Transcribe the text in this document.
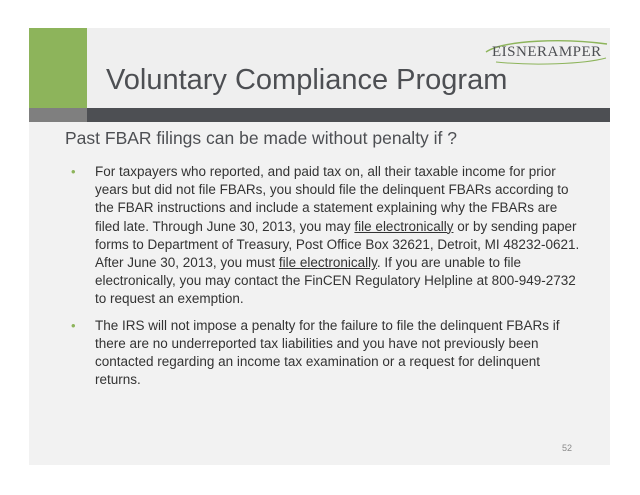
EISNERAMPER

Voluntary Compliance Program
Past FBAR filings can be made without penalty if ?
• For taxpayers who reported, and paid tax on, all their taxable income for prior years but did not file FBARs, you should file the delinquent FBARs according to the FBAR instructions and include a statement explaining why the FBARs are filed late. Through June 30, 2013, you may file electronically or by sending paper forms to Department of Treasury, Post Office Box 32621, Detroit, MI 48232-0621. After June 30, 2013, you must file electronically. If you are unable to file electronically, you may contact the FinCEN Regulatory Helpline at 800-949-2732 to request an exemption.
• The IRS will not impose a penalty for the failure to file the delinquent FBARs if there are no underreported tax liabilities and you have not previously been contacted regarding an income tax examination or a request for delinquent returns.
52
